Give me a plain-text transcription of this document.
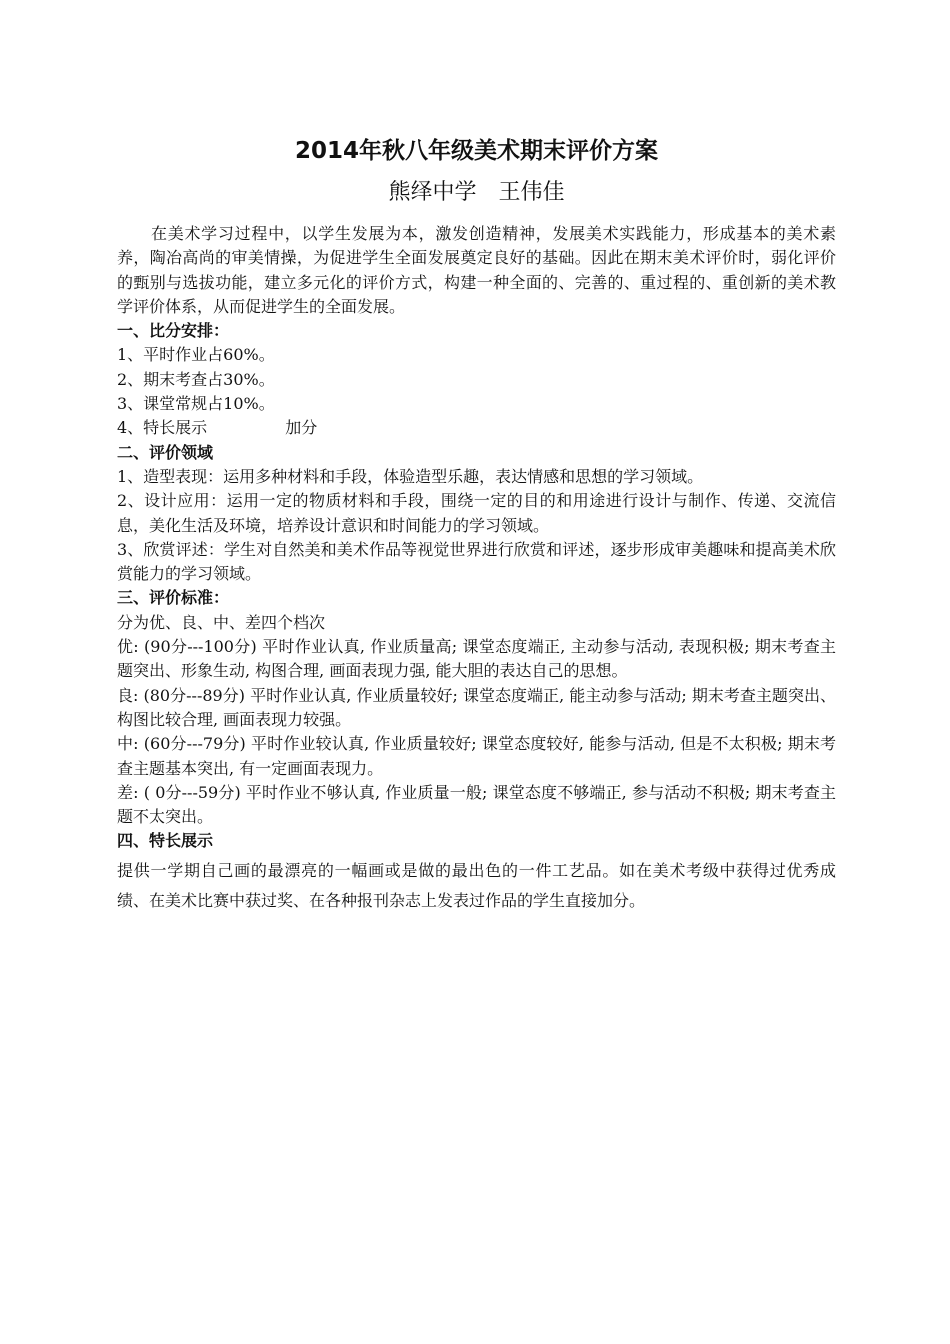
2014年秋八年级美术期末评价方案
熊绎中学 王伟佳

在美术学习过程中，以学生发展为本，激发创造精神，发展美术实践能力，形成基本的美术素养，陶冶高尚的审美情操，为促进学生全面发展奠定良好的基础。因此在期末美术评价时，弱化评价的甄别与选拔功能，建立多元化的评价方式，构建一种全面的、完善的、重过程的、重创新的美术教学评价体系，从而促进学生的全面发展。

一、比分安排：

1、平时作业占60%。

2、期末考查占30%。

3、课堂常规占10%。

4、特长展示	加分

二、评价领域

1、造型表现：运用多种材料和手段，体验造型乐趣，表达情感和思想的学习领域。

2、设计应用：运用一定的物质材料和手段，围绕一定的目的和用途进行设计与制作、传递、交流信息，美化生活及环境，培养设计意识和时间能力的学习领域。

3、欣赏评述：学生对自然美和美术作品等视觉世界进行欣赏和评述，逐步形成审美趣味和提高美术欣赏能力的学习领域。

三、评价标准：

分为优、良、中、差四个档次

优: (90分---100分) 平时作业认真, 作业质量高; 课堂态度端正, 主动参与活动, 表现积极; 期末考查主题突出、形象生动, 构图合理, 画面表现力强, 能大胆的表达自己的思想。

良: (80分---89分) 平时作业认真, 作业质量较好; 课堂态度端正, 能主动参与活动; 期末考查主题突出、构图比较合理, 画面表现力较强。

中: (60分---79分) 平时作业较认真, 作业质量较好; 课堂态度较好, 能参与活动, 但是不太积极; 期末考查主题基本突出, 有一定画面表现力。

差: ( 0分---59分) 平时作业不够认真, 作业质量一般; 课堂态度不够端正, 参与活动不积极; 期末考查主题不太突出。

四、特长展示

提供一学期自己画的最漂亮的一幅画或是做的最出色的一件工艺品。如在美术考级中获得过优秀成绩、在美术比赛中获过奖、在各种报刊杂志上发表过作品的学生直接加分。
